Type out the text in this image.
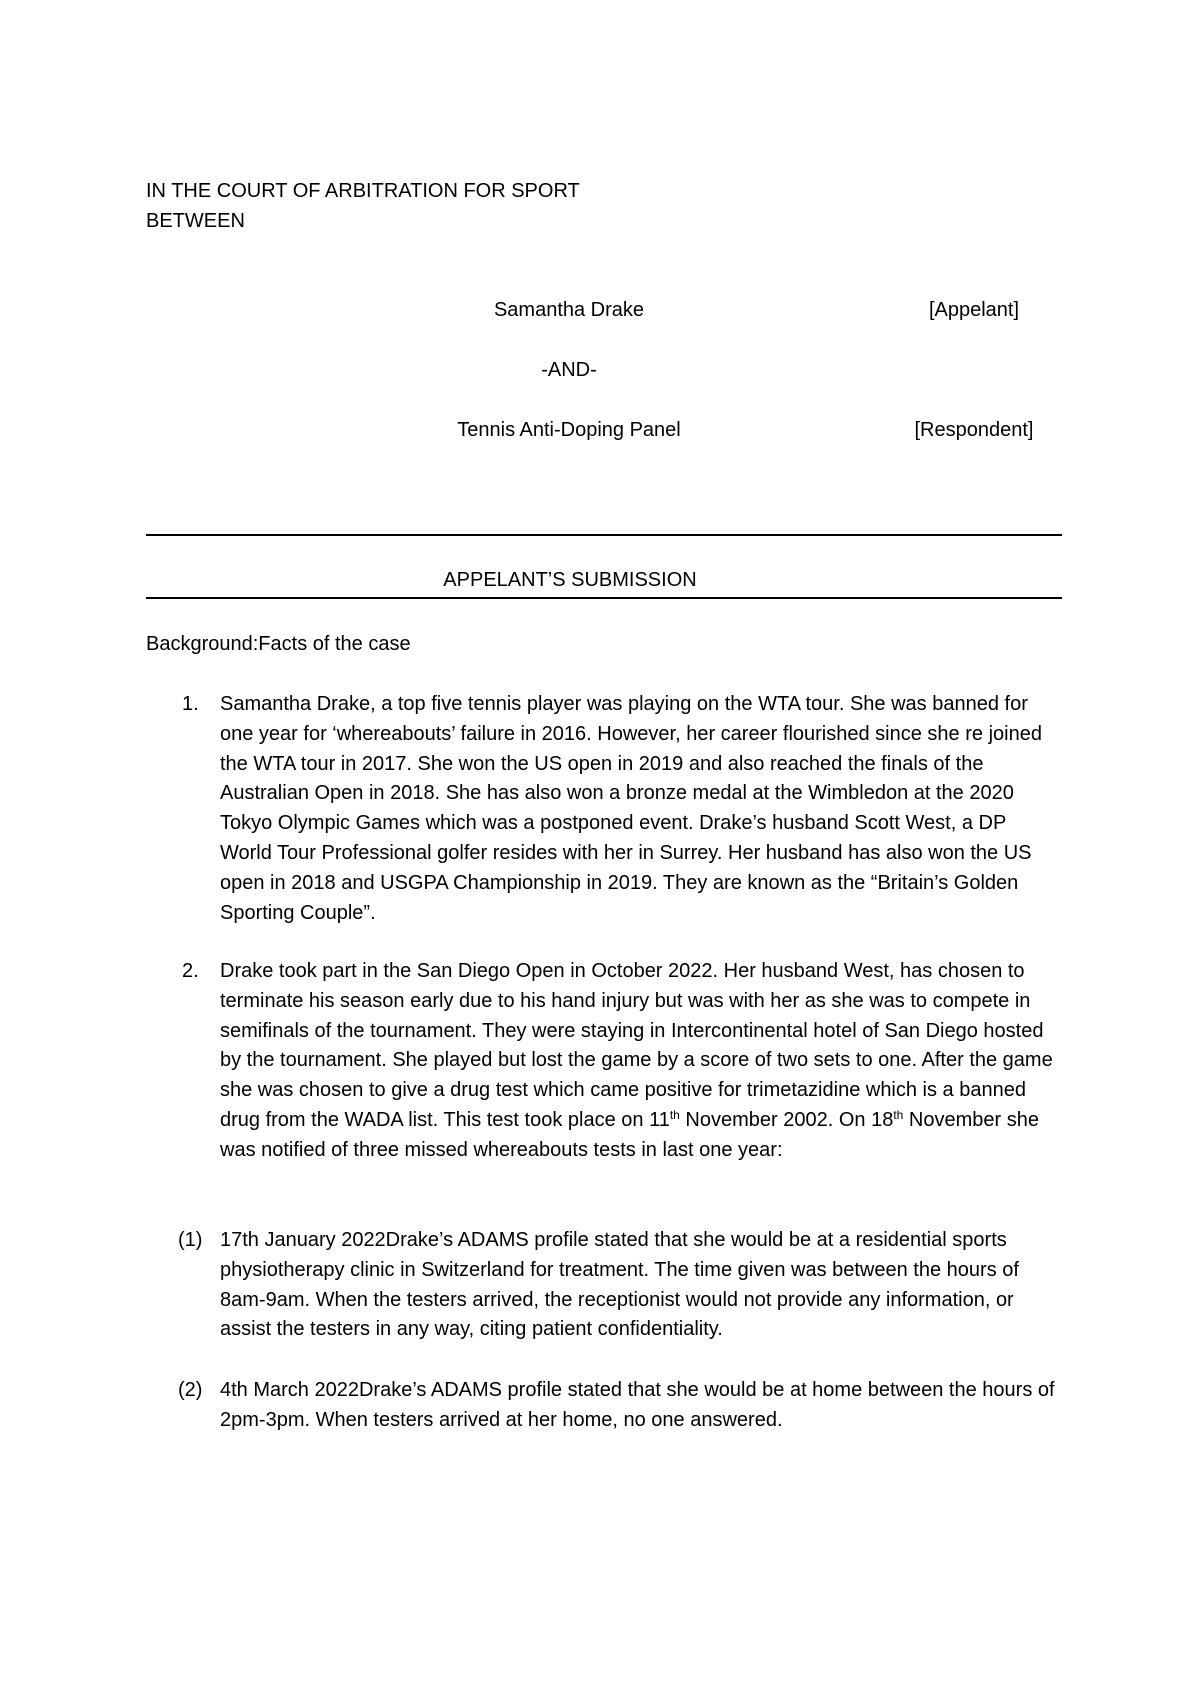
IN THE COURT OF ARBITRATION FOR SPORT
BETWEEN
Samantha Drake	[Appelant]
-AND-
Tennis Anti-Doping Panel	[Respondent]
APPELANT’S SUBMISSION
Background:Facts of the case
1. Samantha Drake, a top five tennis player was playing on the WTA tour. She was banned for one year for ‘whereabouts’ failure in 2016. However, her career flourished since she re joined the WTA tour in 2017. She won the US open in 2019 and also reached the finals of the Australian Open in 2018. She has also won a bronze medal at the Wimbledon at the 2020 Tokyo Olympic Games which was a postponed event. Drake’s husband Scott West, a DP World Tour Professional golfer resides with her in Surrey. Her husband has also won the US open in 2018 and USGPA Championship in 2019. They are known as the “Britain’s Golden Sporting Couple”.
2. Drake took part in the San Diego Open in October 2022. Her husband West, has chosen to terminate his season early due to his hand injury but was with her as she was to compete in semifinals of the tournament. They were staying in Intercontinental hotel of San Diego hosted by the tournament. She played but lost the game by a score of two sets to one. After the game she was chosen to give a drug test which came positive for trimetazidine which is a banned drug from the WADA list. This test took place on 11th November 2002. On 18th November she was notified of three missed whereabouts tests in last one year:
(1) 17th January 2022Drake’s ADAMS profile stated that she would be at a residential sports physiotherapy clinic in Switzerland for treatment. The time given was between the hours of 8am-9am. When the testers arrived, the receptionist would not provide any information, or assist the testers in any way, citing patient confidentiality.
(2) 4th March 2022Drake’s ADAMS profile stated that she would be at home between the hours of 2pm-3pm. When testers arrived at her home, no one answered.
